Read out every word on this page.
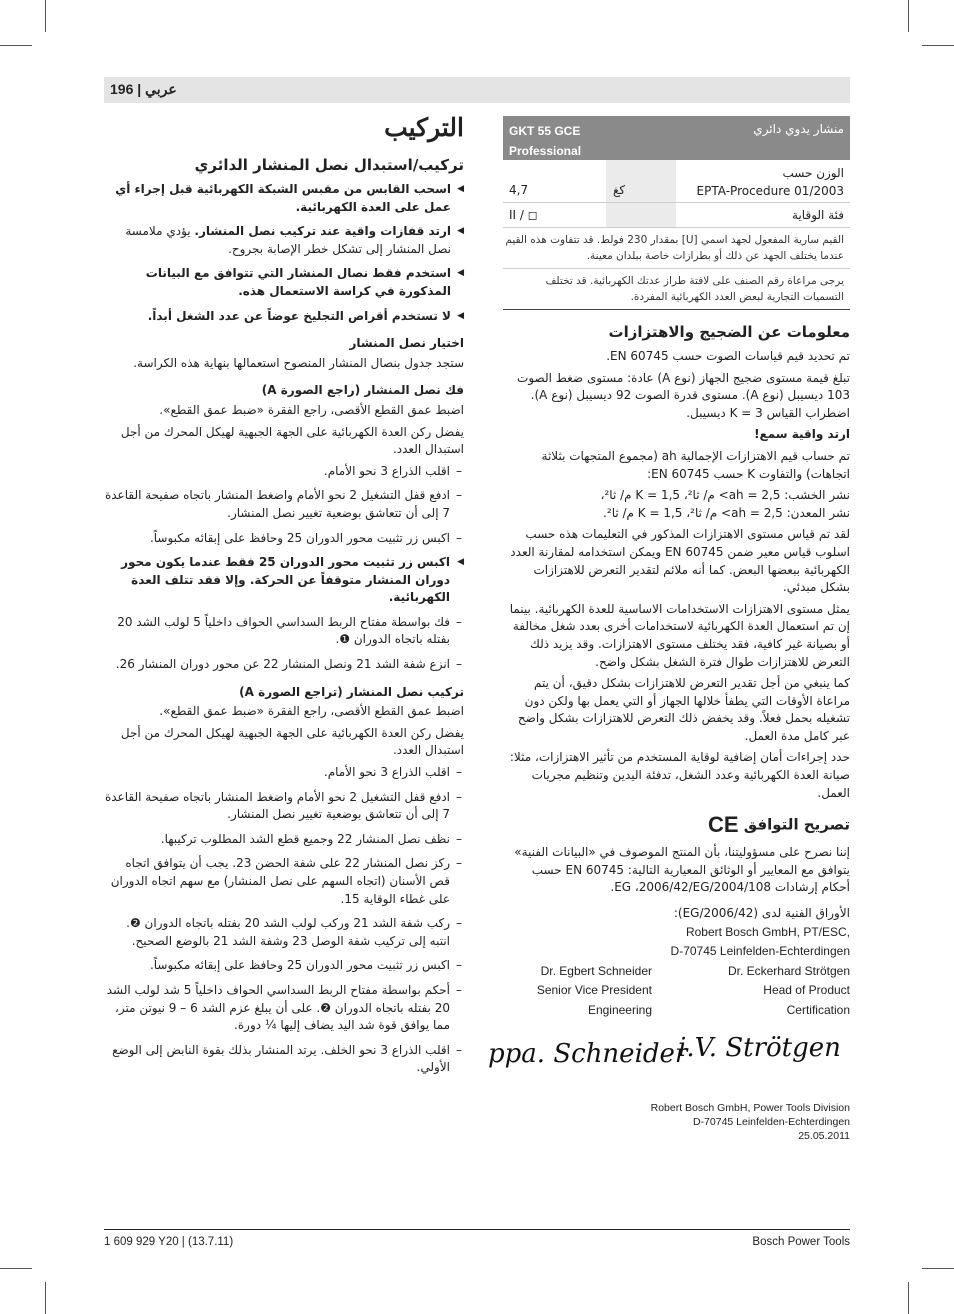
196 | عربي
التركيب
تركيب/استبدال نصل المنشار الدائري
◀ اسحب القابس من مقبس الشبكة الكهربائية قبل إجراء أي عمل على العدة الكهربائية.
◀ ارتد قفازات واقية عند تركيب نصل المنشار. يؤدي ملامسة نصل المنشار إلى تشكل خطر الإصابة بجروح.
◀ استخدم فقط نصال المنشار التي تتوافق مع البيانات المذكورة في كراسة الاستعمال هذه.
◀ لا تستخدم أقراص التجليخ عوضاً عن عدد الشغل أبداً.
اختيار نصل المنشار

ستجد جدول بنصال المنشار المنصوح استعمالها بنهاية هذه الكراسة.

فك نصل المنشار (راجع الصورة A)

اضبط عمق القطع الأقصى، راجع الفقرة «ضبط عمق القطع».

يفضل ركن العدة الكهربائية على الجهة الجبهية لهيكل المحرك من أجل استبدال العدد.

– اقلب الذراع 3 نحو الأمام.
– ادفع قفل التشغيل 2 نحو الأمام واضغط المنشار باتجاه صفيحة القاعدة 7 إلى أن تتعاشق بوضعية تغيير نصل المنشار.
– اكبس زر تثبيت محور الدوران 25 وحافظ على إبقائه مكبوساً.
◀ اكبس زر تثبيت محور الدوران 25 فقط عندما يكون محور دوران المنشار متوقفاً عن الحركة. وإلا فقد تتلف العدة الكهربائية.
– فك بواسطة مفتاح الربط السداسي الحواف داخلياً 5 لولب الشد 20 بفتله باتجاه الدوران ❶.
– انزع شفة الشد 21 ونصل المنشار 22 عن محور دوران المنشار 26.
تركيب نصل المنشار (تراجع الصورة A)

اضبط عمق القطع الأقصى، راجع الفقرة «ضبط عمق القطع».

يفضل ركن العدة الكهربائية على الجهة الجبهية لهيكل المحرك من أجل استبدال العدد.

– اقلب الذراع 3 نحو الأمام.
– ادفع قفل التشغيل 2 نحو الأمام واضغط المنشار باتجاه صفيحة القاعدة 7 إلى أن تتعاشق بوضعية تغيير نصل المنشار.
– نظف نصل المنشار 22 وجميع قطع الشد المطلوب تركيبها.
– ركز نصل المنشار 22 على شفة الحضن 23. يجب أن يتوافق اتجاه قص الأسنان (اتجاه السهم على نصل المنشار) مع سهم اتجاه الدوران على غطاء الوقاية 15.
– ركب شفة الشد 21 وركب لولب الشد 20 بفتله باتجاه الدوران ❷. انتبه إلى تركيب شفة الوصل 23 وشفة الشد 21 بالوضع الصحيح.
– اكبس زر تثبيت محور الدوران 25 وحافظ على إبقائه مكبوساً.
– أحكم بواسطة مفتاح الربط السداسي الحواف داخلياً 5 شد لولب الشد 20 بفتله باتجاه الدوران ❷. على أن يبلغ عزم الشد 6 – 9 نيوتن متر، مما يوافق قوة شد اليد يضاف إليها ¼ دورة.
– اقلب الذراع 3 نحو الخلف. يرتد المنشار بذلك بقوة النابض إلى الوضع الأولي.
منشار يدوي دائري
GKT 55 GCE
Professional
الوزن حسب
EPTA-Procedure 01/2003
كغ
4,7
فئة الوقاية
II / ◻
القيم سارية المفعول لجهد اسمي [U] بمقدار 230 فولط. قد تتفاوت هذه القيم عندما يختلف الجهد عن ذلك أو بطرازات خاصة ببلدان معينة.
يرجى مراعاة رقم الصنف على لافتة طراز عدتك الكهربائية. قد تختلف التسميات التجارية لبعض العدد الكهربائية المفردة.
معلومات عن الضجيج والاهتزازات

تم تحديد قيم قياسات الصوت حسب EN 60745.

تبلغ قيمة مستوى ضجيج الجهاز (نوع A) عادة: مستوى ضغط الصوت 103 ديسيبل (نوع A). مستوى قدرة الصوت 92 ديسيبل (نوع A). اضطراب القياس K = 3 ديسيبل.

ارتد واقية سمع!

تم حساب قيم الاهتزازات الإجمالية ah (مجموع المتجهات بثلاثة اتجاهات) والتفاوت K حسب EN 60745:

نشر الخشب: ah = 2,5> م/ ثا²، K = 1,5 م/ ثا²،

نشر المعدن: ah = 2,5> م/ ثا²، K = 1,5 م/ ثا².

لقد تم قياس مستوى الاهتزازات المذكور في التعليمات هذه حسب اسلوب قياس معير ضمن EN 60745 ويمكن استخدامه لمقارنة العدد الكهربائية ببعضها البعض. كما أنه ملائم لتقدير التعرض للاهتزازات بشكل مبدئي.

يمثل مستوى الاهتزازات الاستخدامات الاساسية للعدة الكهربائية. بينما إن تم استعمال العدة الكهربائية لاستخدامات أخرى بعدد شغل مخالفة أو بصيانة غير كافية، فقد يختلف مستوى الاهتزازات. وقد يزيد ذلك التعرض للاهتزازات طوال فترة الشغل بشكل واضح.

كما ينبغي من أجل تقدير التعرض للاهتزازات بشكل دقيق، أن يتم مراعاة الأوقات التي يطفأ خلالها الجهاز أو التي يعمل بها ولكن دون تشغيله بحمل فعلاً. وقد يخفض ذلك التعرض للاهتزازات بشكل واضح عبر كامل مدة العمل.

حدد إجراءات أمان إضافية لوقاية المستخدم من تأثير الاهتزازات، مثلا: صيانة العدة الكهربائية وعدد الشغل، تدفئة اليدين وتنظيم مجريات العمل.

تصريح التوافق CE

إننا نصرح على مسؤوليتنا، بأن المنتج الموصوف في «البيانات الفنية» يتوافق مع المعايير أو الوثائق المعيارية التالية: EN 60745 حسب أحكام إرشادات 2004/108/EG ،2006/42/EG.

الأوراق الفنية لدى (2006/42/EG):

Robert Bosch GmbH, PT/ESC,
D-70745 Leinfelden-Echterdingen
Dr. Eckerhard Strötgen
Head of Product
Certification
Dr. Egbert Schneider
Senior Vice President
Engineering
ppa. Schneider
i.V. Strötgen
Robert Bosch GmbH, Power Tools Division
D-70745 Leinfelden-Echterdingen
25.05.2011
1 609 929 Y20 | (13.7.11)	Bosch Power Tools
